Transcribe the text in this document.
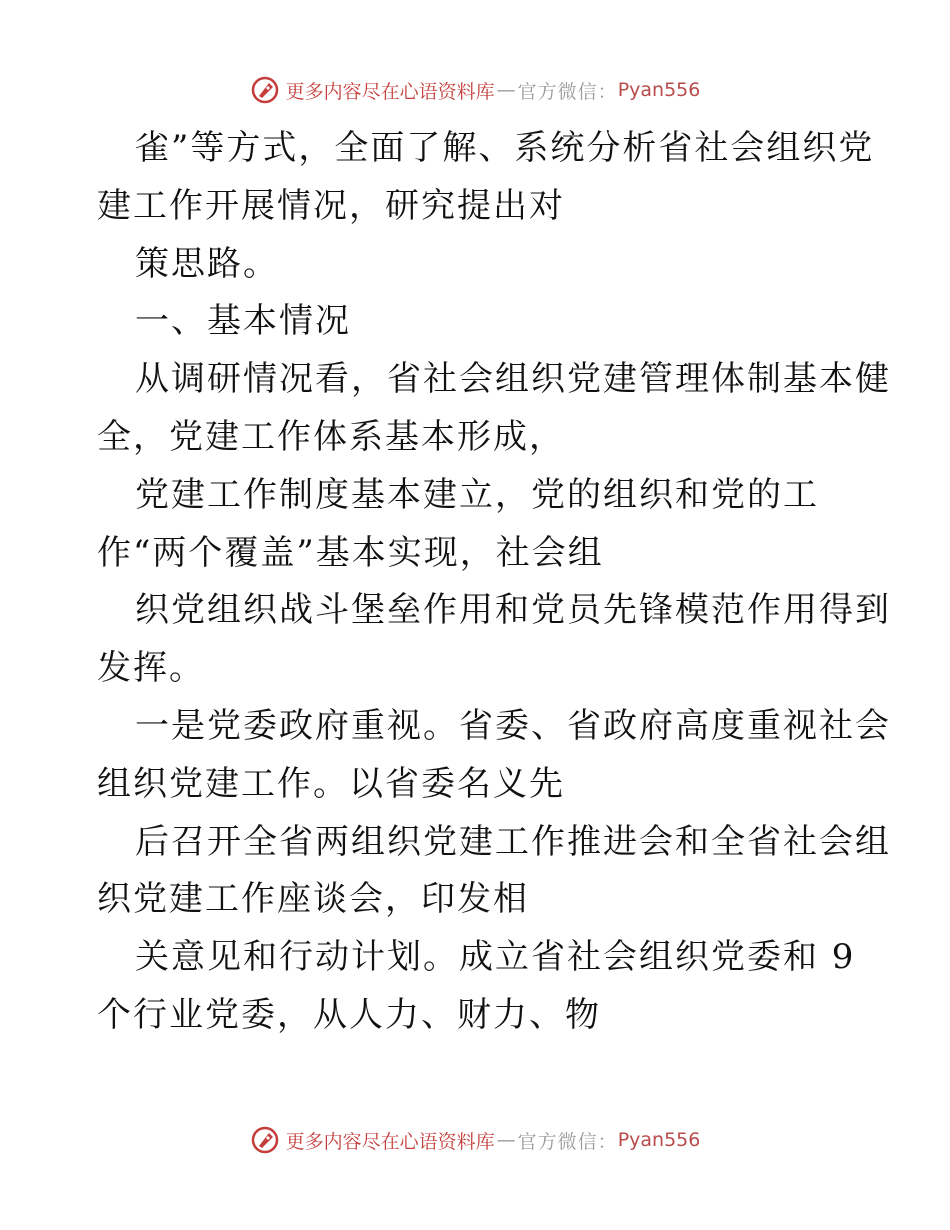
更多内容尽在心语资料库 — 官方微信： Pyan556
雀”等方式，全面了解、系统分析省社会组织党
建工作开展情况，研究提出对
策思路。
一、基本情况
从调研情况看，省社会组织党建管理体制基本健
全，党建工作体系基本形成，
党建工作制度基本建立，党的组织和党的工
作“两个覆盖”基本实现，社会组
织党组织战斗堡垒作用和党员先锋模范作用得到
发挥。
一是党委政府重视。省委、省政府高度重视社会
组织党建工作。以省委名义先
后召开全省两组织党建工作推进会和全省社会组
织党建工作座谈会，印发相
关意见和行动计划。成立省社会组织党委和 9
个行业党委，从人力、财力、物
更多内容尽在心语资料库 — 官方微信： Pyan556
